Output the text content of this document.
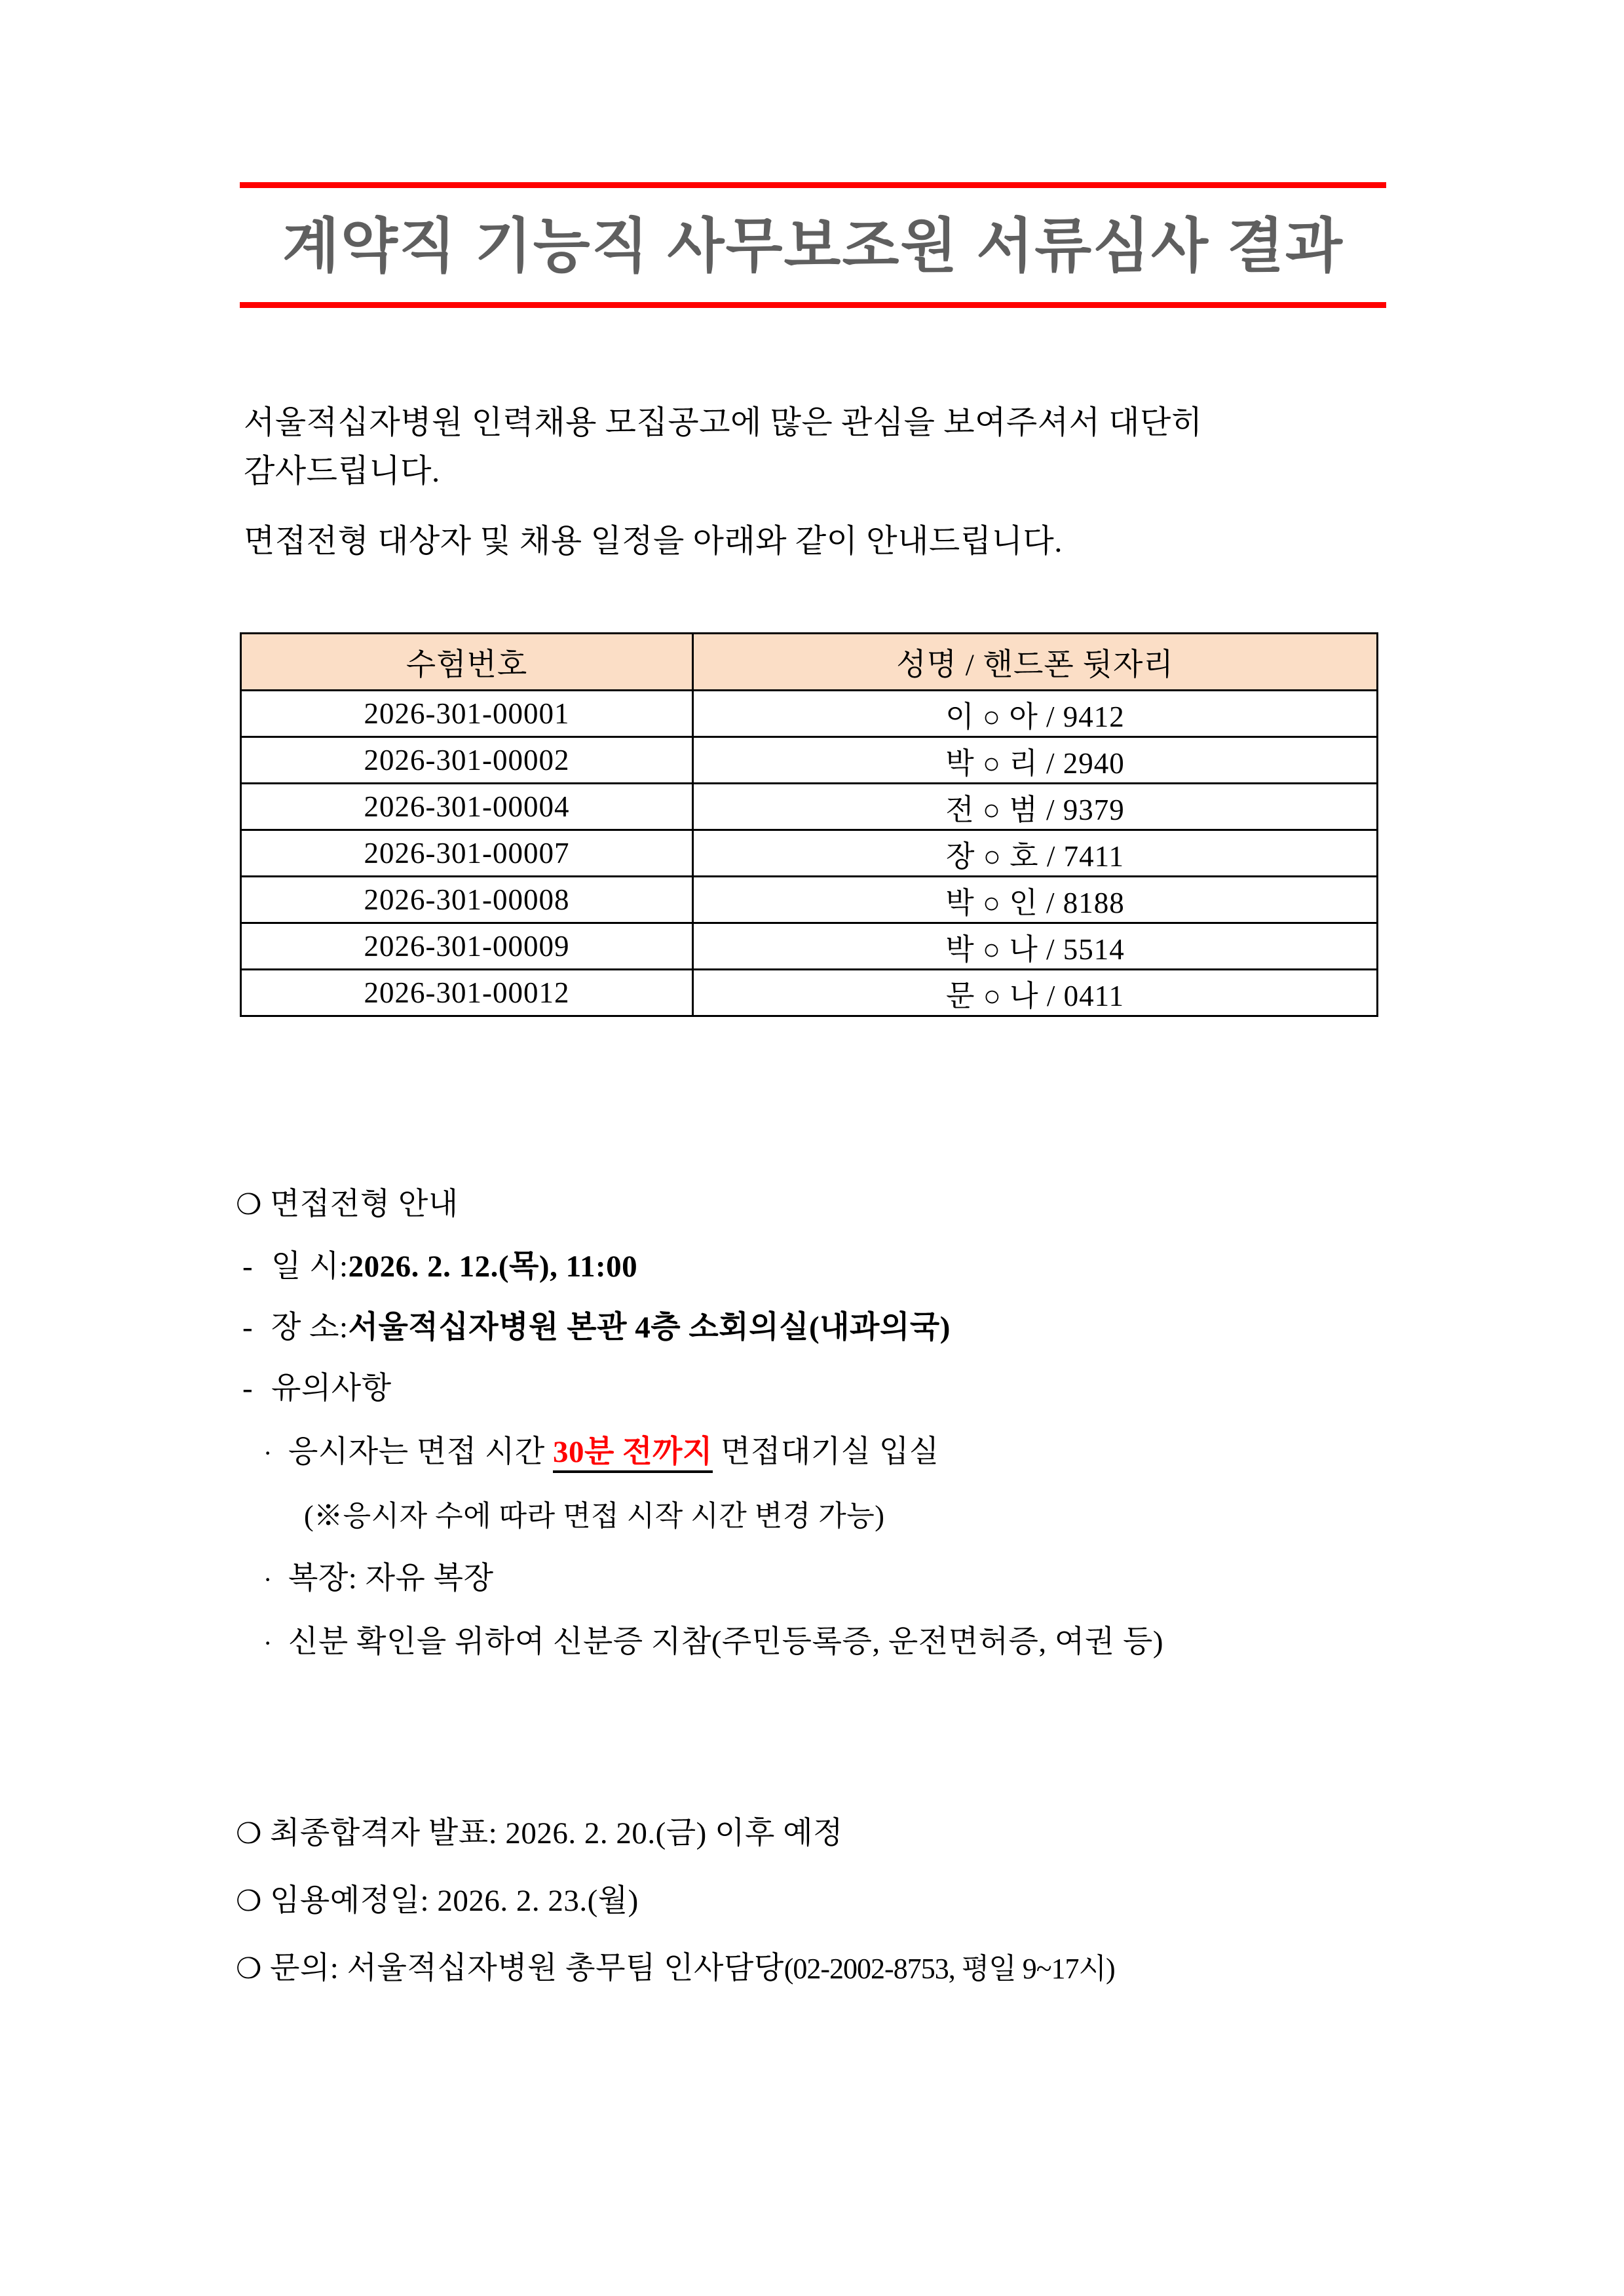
계약직 기능직 사무보조원 서류심사 결과

서울적십자병원 인력채용 모집공고에 많은 관심을 보여주셔서 대단히

감사드립니다.

면접전형 대상자 및 채용 일정을 아래와 같이 안내드립니다.

수험번호	성명 / 핸드폰 뒷자리
2026-301-00001	이 ○ 아 / 9412
2026-301-00002	박 ○ 리 / 2940
2026-301-00004	전 ○ 범 / 9379
2026-301-00007	장 ○ 호 / 7411
2026-301-00008	박 ○ 인 / 8188
2026-301-00009	박 ○ 나 / 5514
2026-301-00012	문 ○ 나 / 0411
❍ 면접전형 안내
- 일 시:2026. 2. 12.(목), 11:00
- 장 소:서울적십자병원 본관 4층 소회의실(내과의국)
- 유의사항
· 응시자는 면접 시간 30분 전까지 면접대기실 입실
(※응시자 수에 따라 면접 시작 시간 변경 가능)
· 복장: 자유 복장
· 신분 확인을 위하여 신분증 지참(주민등록증, 운전면허증, 여권 등)
❍ 최종합격자 발표: 2026. 2. 20.(금) 이후 예정
❍ 임용예정일: 2026. 2. 23.(월)
❍ 문의: 서울적십자병원 총무팀 인사담당(02-2002-8753, 평일 9~17시)
